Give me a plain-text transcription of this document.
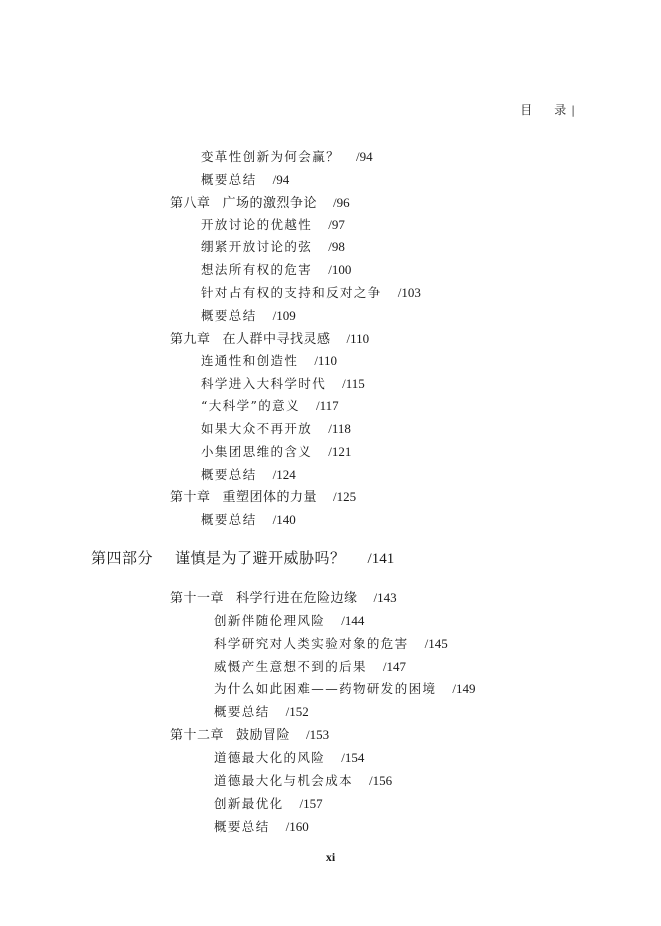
目 录 |
变革性创新为何会赢？ /94
概要总结 /94
第八章 广场的激烈争论 /96
开放讨论的优越性 /97
绷紧开放讨论的弦 /98
想法所有权的危害 /100
针对占有权的支持和反对之争 /103
概要总结 /109
第九章 在人群中寻找灵感 /110
连通性和创造性 /110
科学进入大科学时代 /115
“大科学”的意义 /117
如果大众不再开放 /118
小集团思维的含义 /121
概要总结 /124
第十章 重塑团体的力量 /125
概要总结 /140
第四部分 谨慎是为了避开威胁吗？ /141
第十一章 科学行进在危险边缘 /143
创新伴随伦理风险 /144
科学研究对人类实验对象的危害 /145
威慑产生意想不到的后果 /147
为什么如此困难——药物研发的困境 /149
概要总结 /152
第十二章 鼓励冒险 /153
道德最大化的风险 /154
道德最大化与机会成本 /156
创新最优化 /157
概要总结 /160
xi
